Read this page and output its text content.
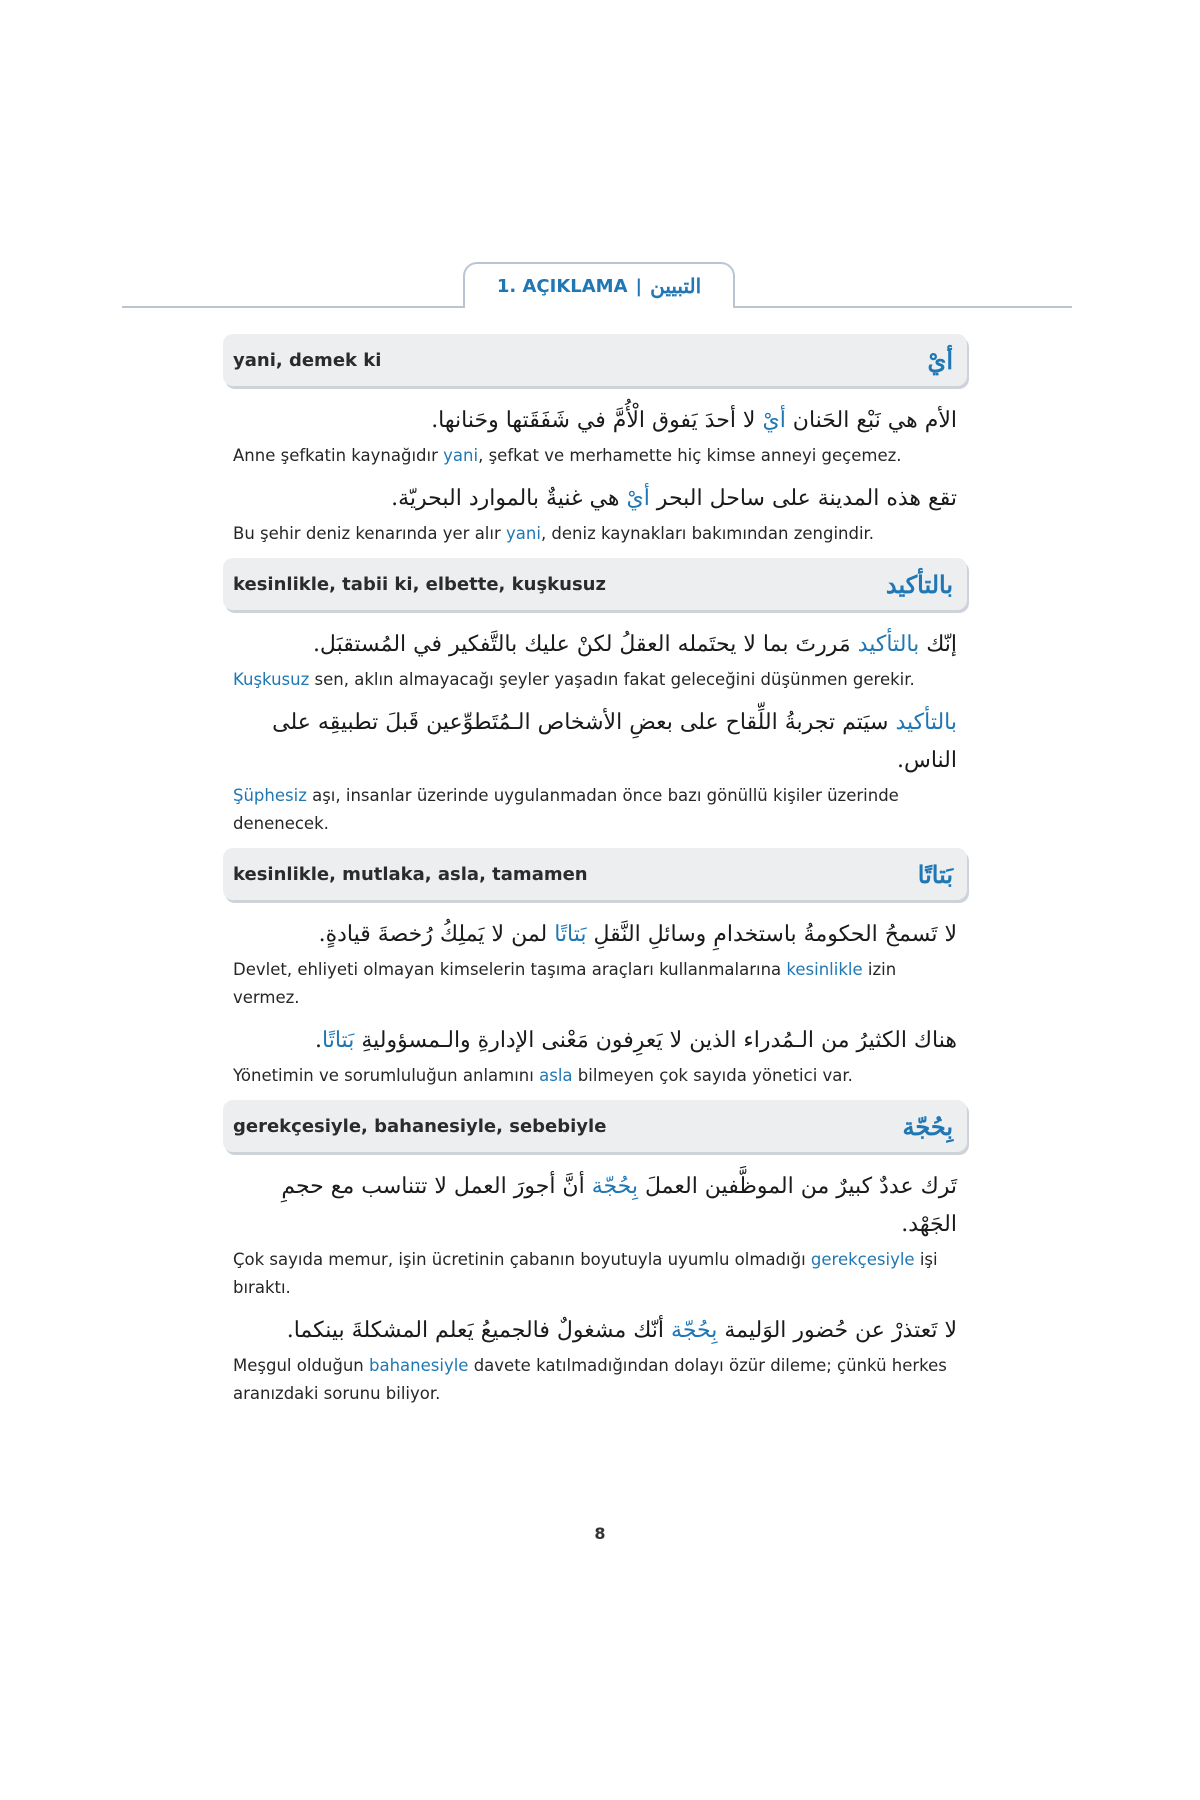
1. AÇIKLAMA | التبيين
yani, demek ki	أيْ
الأم هي نَبْع الحَنان أيْ لا أحدَ يَفوق الْأُمَّ في شَفَقَتها وحَنانها.
Anne şefkatin kaynağıdır yani, şefkat ve merhamette hiç kimse anneyi geçemez.
تقع هذه المدينة على ساحل البحر أيْ هي غنيةٌ بالموارد البحريّة.
Bu şehir deniz kenarında yer alır yani, deniz kaynakları bakımından zengindir.
kesinlikle, tabii ki, elbette, kuşkusuz	بالتأكيد
إنّك بالتأكيد مَررتَ بما لا يحتَمله العقلُ لكنْ عليك بالتَّفكير في المُستقبَل.
Kuşkusuz sen, aklın almayacağı şeyler yaşadın fakat geleceğini düşünmen gerekir.
بالتأكيد سيَتم تجربةُ اللِّقاح على بعضِ الأشخاص الـمُتَطوِّعين قَبلَ تطبيقِه على الناس.
Şüphesiz aşı, insanlar üzerinde uygulanmadan önce bazı gönüllü kişiler üzerinde denenecek.
kesinlikle, mutlaka, asla, tamamen	بَتاتًا
لا تَسمحُ الحكومةُ باستخدامِ وسائلِ النَّقلِ بَتاتًا لمن لا يَملِكُ رُخصةَ قيادةٍ.
Devlet, ehliyeti olmayan kimselerin taşıma araçları kullanmalarına kesinlikle izin vermez.
هناك الكثيرُ من الـمُدراء الذين لا يَعرِفون مَعْنى الإدارةِ والـمسؤوليةِ بَتاتًا.
Yönetimin ve sorumluluğun anlamını asla bilmeyen çok sayıda yönetici var.
gerekçesiyle, bahanesiyle, sebebiyle	بِحُجّة
تَرك عددٌ كبيرٌ من الموظَّفين العملَ بِحُجّة أنَّ أجورَ العمل لا تتناسب مع حجمِ الجَهْد.
Çok sayıda memur, işin ücretinin çabanın boyutuyla uyumlu olmadığı gerekçesiyle işi bıraktı.
لا تَعتذرْ عن حُضور الوَليمة بِحُجّة أنّك مشغولٌ فالجميعُ يَعلم المشكلةَ بينكما.
Meşgul olduğun bahanesiyle davete katılmadığından dolayı özür dileme; çünkü herkes aranızdaki sorunu biliyor.
8
